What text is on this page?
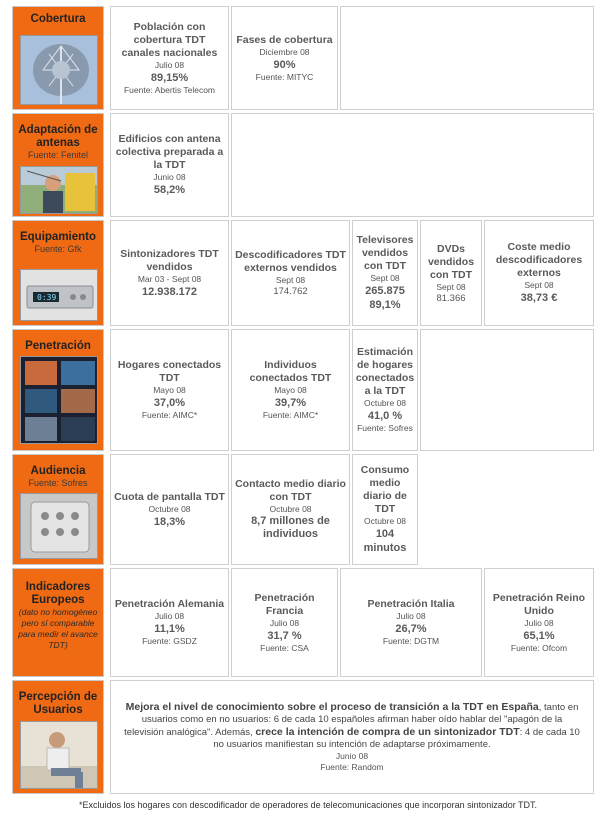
Cobertura
Población con cobertura TDT canales nacionales
Julio 08
89,15%
Fuente: Abertis Telecom
Fases de cobertura
Diciembre 08
90%
Fuente: MITYC
Adaptación de antenas
Fuente: Fenitel
Edificios con antena colectiva preparada a la TDT
Junio 08
58,2%
Equipamiento
Fuente: Gfk
0:39
Sintonizadores TDT vendidos
Mar 03 - Sept 08
12.938.172
Descodificadores TDT externos vendidos
Sept 08
174.762
Televisores vendidos con TDT
Sept 08
265.875
89,1%
DVDs vendidos con TDT
Sept 08
81.366
Coste medio descodificadores externos
Sept 08
38,73 €
Penetración
Hogares conectados TDT
Mayo 08
37,0%
Fuente: AIMC*
Individuos conectados TDT
Mayo 08
39,7%
Fuente: AIMC*
Estimación de hogares conectados a la TDT
Octubre 08
41,0 %
Fuente: Sofres
Audiencia
Fuente: Sofres
Cuota de pantalla TDT
Octubre 08
18,3%
Contacto medio diario con TDT
Octubre 08
8,7 millones de individuos
Consumo medio diario de TDT
Octubre 08
104 minutos
Indicadores Europeos
(dato no homogéneo pero sí comparable para medir el avance TDT)
Penetración Alemania
Julio 08
11,1%
Fuente: GSDZ
Penetración Francia
Julio 08
31,7 %
Fuente: CSA
Penetración Italia
Julio 08
26,7%
Fuente: DGTM
Penetración Reino Unido
Julio 08
65,1%
Fuente: Ofcom
Percepción de Usuarios	Mejora el nivel de conocimiento sobre el proceso de transición a la TDT en España, tanto en usuarios como en no usuarios: 6 de cada 10 españoles afirman haber oído hablar del "apagón de la televisión analógica". Además, crece la intención de compra de un sintonizador TDT: 4 de cada 10 no usuarios manifiestan su intención de adaptarse próximamente.
Junio 08
Fuente: Random
*Excluidos los hogares con descodificador de operadores de telecomunicaciones que incorporan sintonizador TDT.
